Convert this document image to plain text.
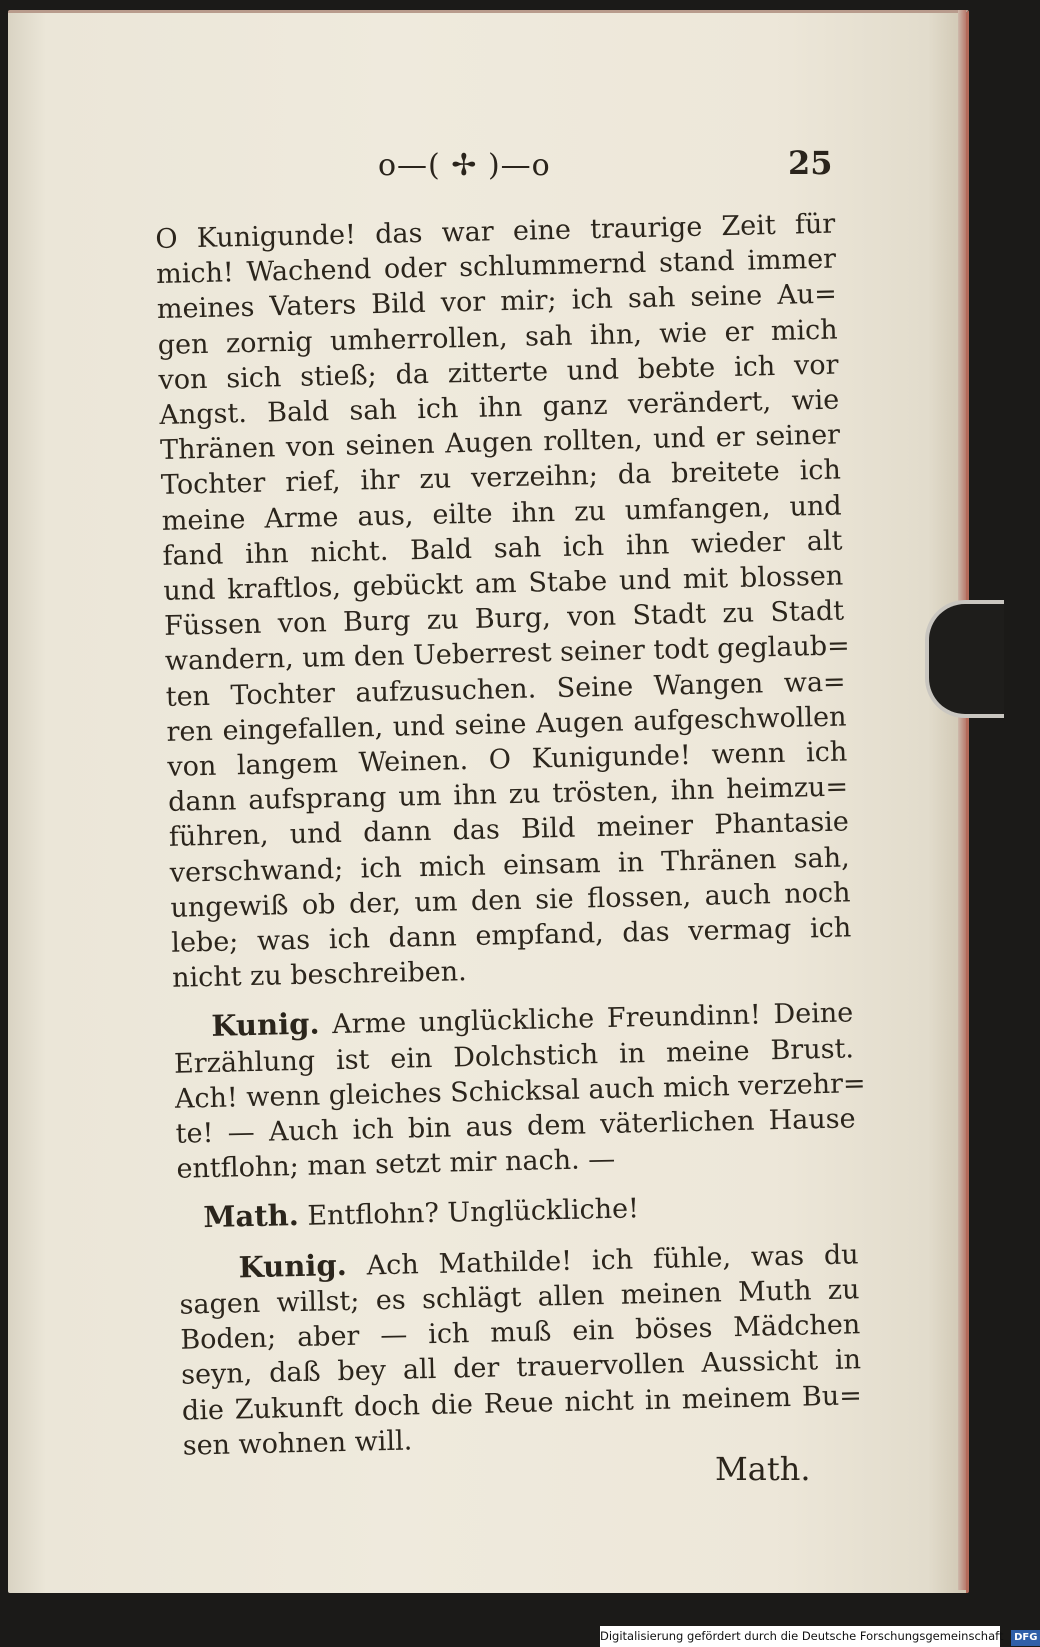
o—( ✢ )—o	25
O Kunigunde! das war eine traurige Zeit für
mich! Wachend oder schlummernd stand immer
meines Vaters Bild vor mir; ich sah seine Au=
gen zornig umherrollen, sah ihn, wie er mich
von sich stieß; da zitterte und bebte ich vor
Angst. Bald sah ich ihn ganz verändert, wie
Thränen von seinen Augen rollten, und er seiner
Tochter rief, ihr zu verzeihn; da breitete ich
meine Arme aus, eilte ihn zu umfangen, und
fand ihn nicht. Bald sah ich ihn wieder alt
und kraftlos, gebückt am Stabe und mit blossen
Füssen von Burg zu Burg, von Stadt zu Stadt
wandern, um den Ueberrest seiner todt geglaub=
ten Tochter aufzusuchen. Seine Wangen wa=
ren eingefallen, und seine Augen aufgeschwollen
von langem Weinen. O Kunigunde! wenn ich
dann aufsprang um ihn zu trösten, ihn heimzu=
führen, und dann das Bild meiner Phantasie
verschwand; ich mich einsam in Thränen sah,
ungewiß ob der, um den sie flossen, auch noch
lebe; was ich dann empfand, das vermag ich
nicht zu beschreiben.
Kunig. Arme unglückliche Freundinn! Deine
Erzählung ist ein Dolchstich in meine Brust.
Ach! wenn gleiches Schicksal auch mich verzehr=
te! — Auch ich bin aus dem väterlichen Hause
entflohn; man setzt mir nach. —
Math. Entflohn? Unglückliche!
Kunig. Ach Mathilde! ich fühle, was du
sagen willst; es schlägt allen meinen Muth zu
Boden; aber — ich muß ein böses Mädchen
seyn, daß bey all der trauervollen Aussicht in
die Zukunft doch die Reue nicht in meinem Bu=
sen wohnen will.
Math.
Digitalisierung gefördert durch die Deutsche Forschungsgemeinschaft DFG
